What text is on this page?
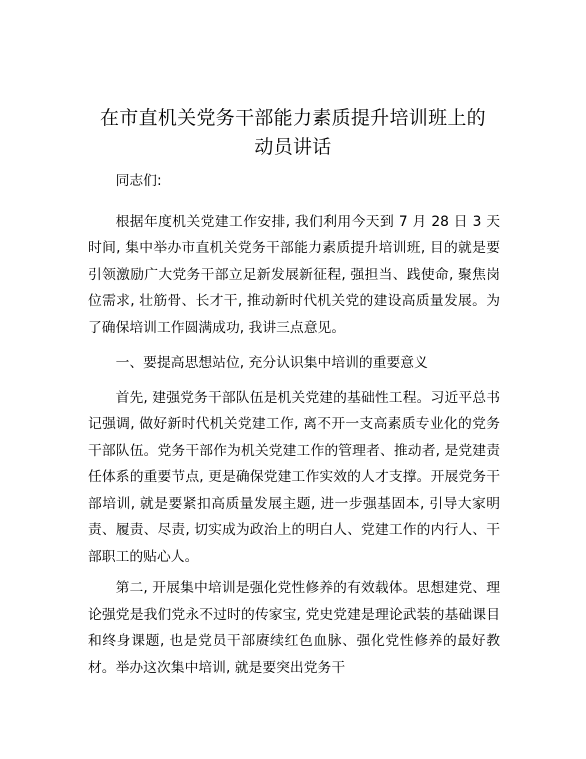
在市直机关党务干部能力素质提升培训班上的
动员讲话

同志们:

根据年度机关党建工作安排, 我们利用今天到 7 月 28 日 3 天时间, 集中举办市直机关党务干部能力素质提升培训班, 目的就是要引领激励广大党务干部立足新发展新征程, 强担当、践使命, 聚焦岗位需求, 壮筋骨、长才干, 推动新时代机关党的建设高质量发展。为了确保培训工作圆满成功, 我讲三点意见。

一、要提高思想站位, 充分认识集中培训的重要意义

首先, 建强党务干部队伍是机关党建的基础性工程。习近平总书记强调, 做好新时代机关党建工作, 离不开一支高素质专业化的党务干部队伍。党务干部作为机关党建工作的管理者、推动者, 是党建责任体系的重要节点, 更是确保党建工作实效的人才支撑。开展党务干部培训, 就是要紧扣高质量发展主题, 进一步强基固本, 引导大家明责、履责、尽责, 切实成为政治上的明白人、党建工作的内行人、干部职工的贴心人。

第二, 开展集中培训是强化党性修养的有效载体。思想建党、理论强党是我们党永不过时的传家宝, 党史党建是理论武装的基础课目和终身课题, 也是党员干部赓续红色血脉、强化党性修养的最好教材。举办这次集中培训, 就是要突出党务干
